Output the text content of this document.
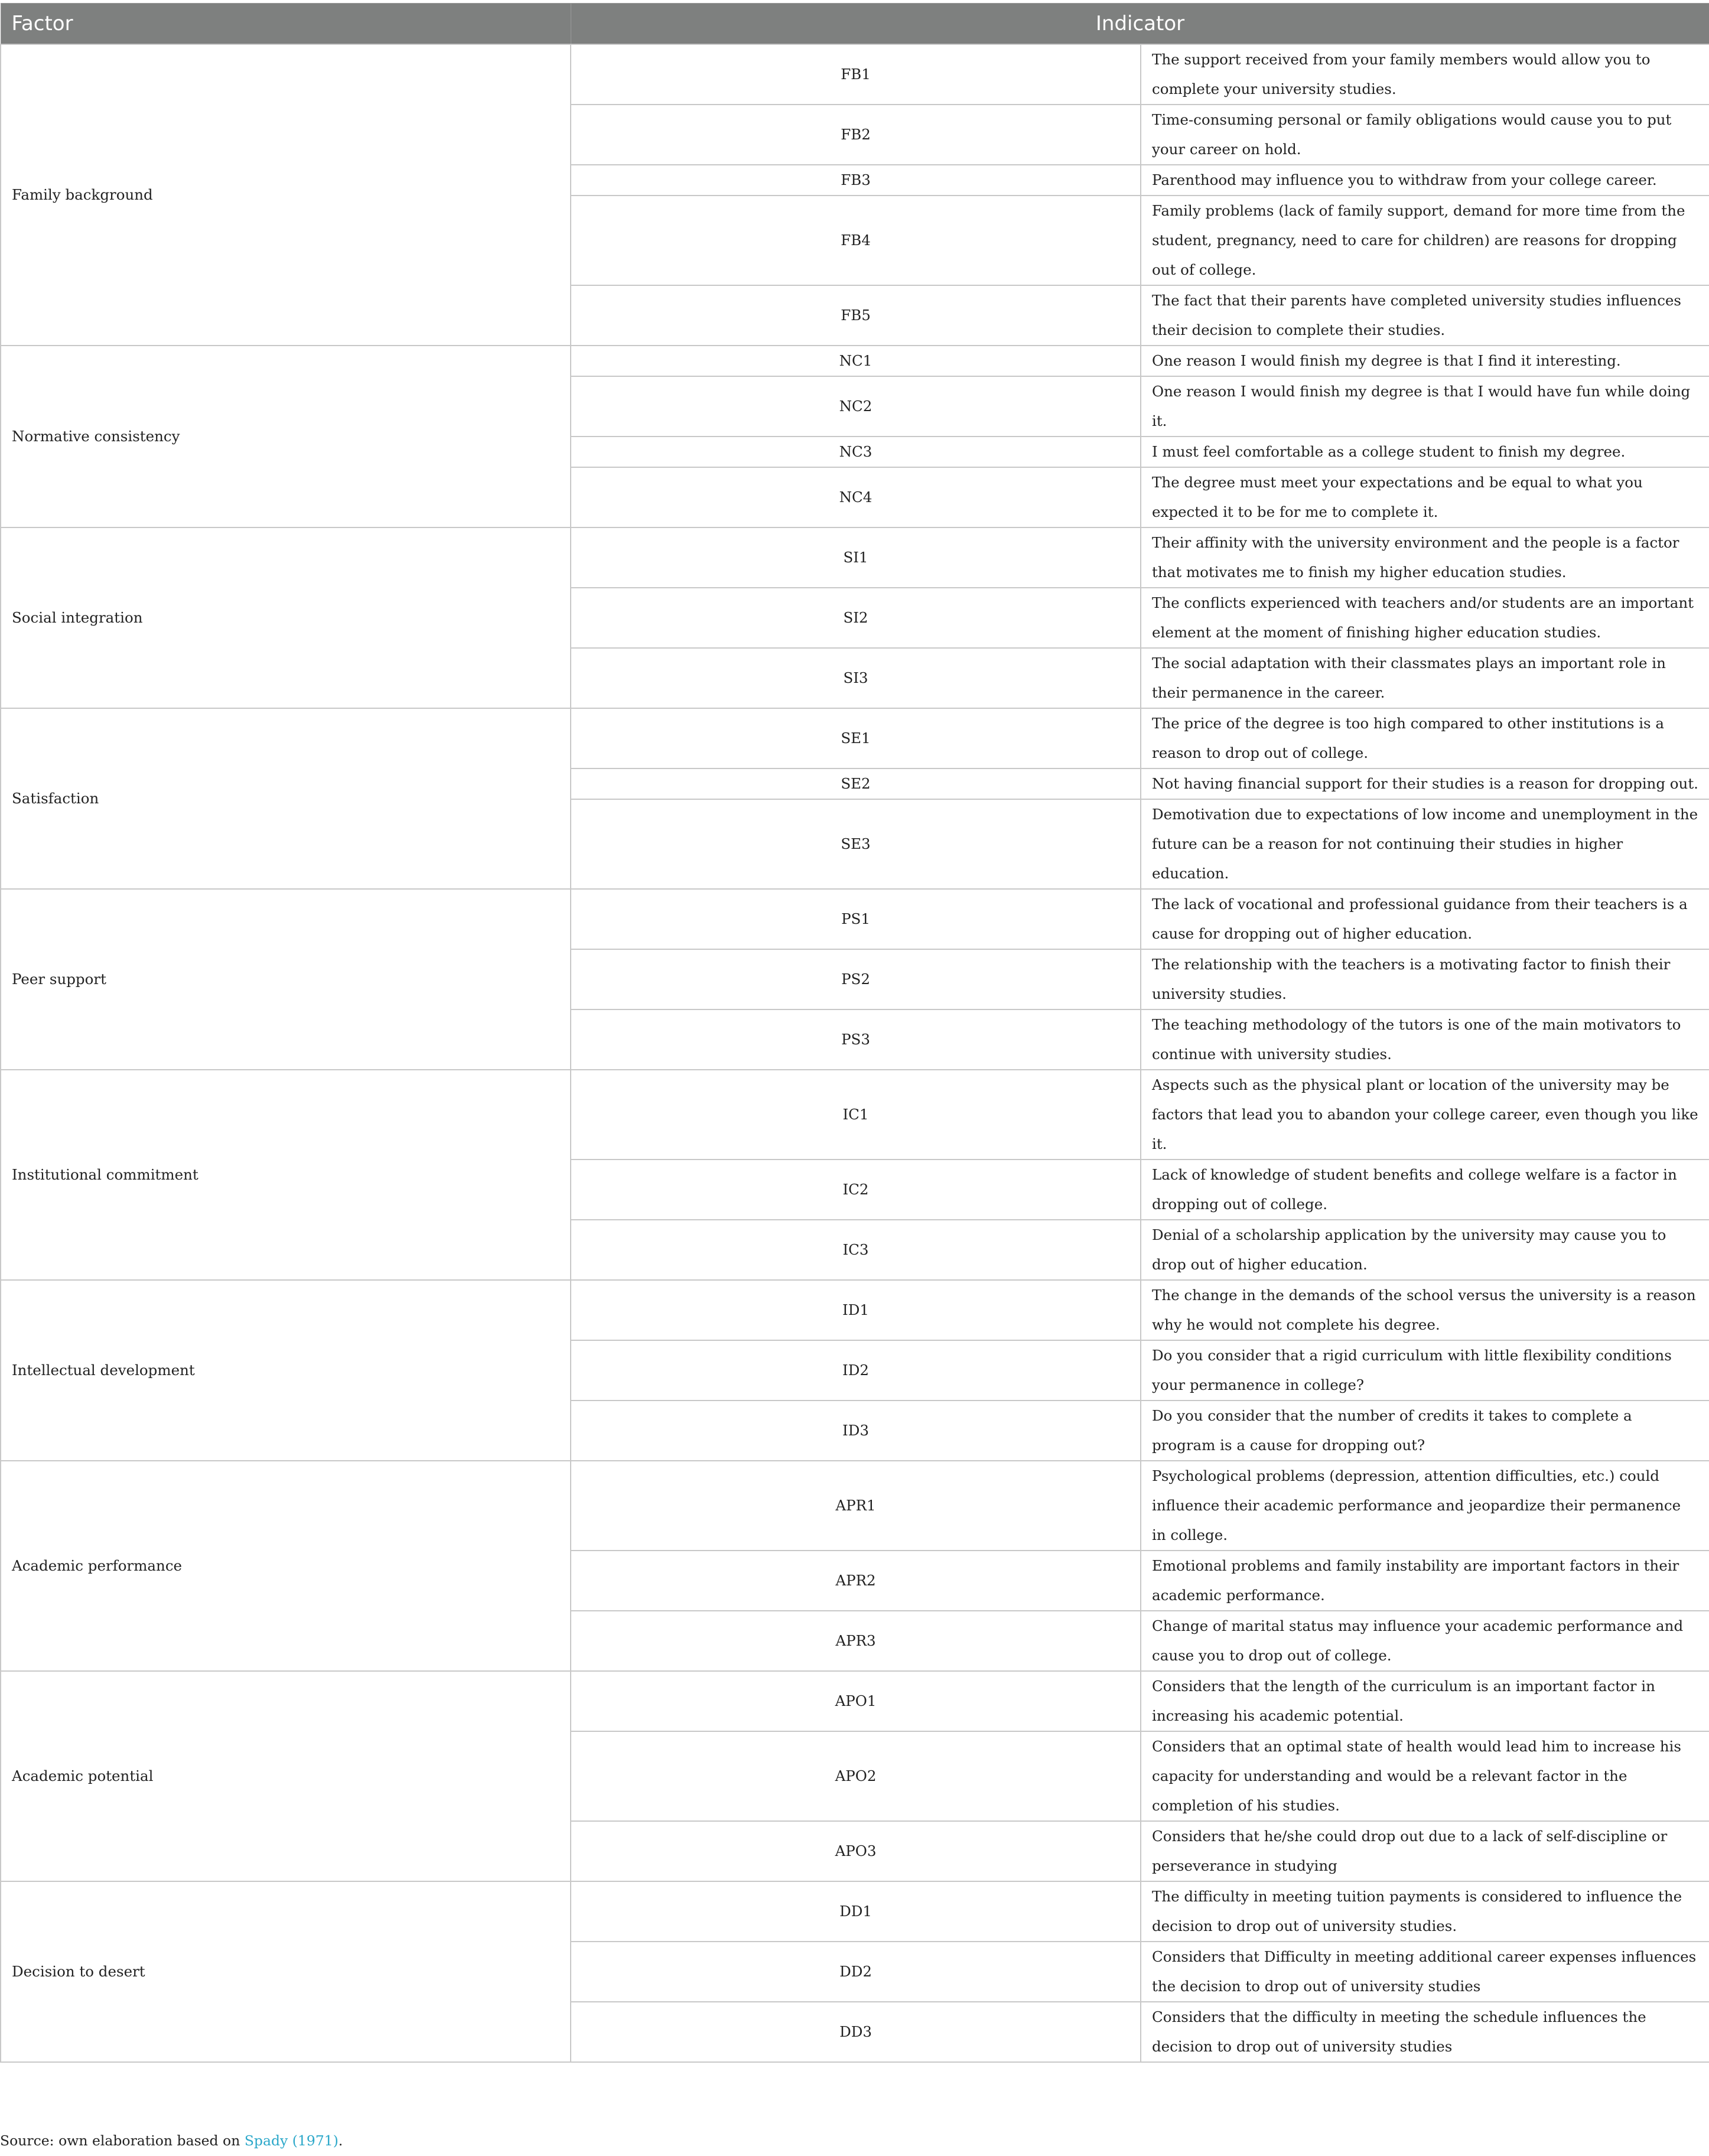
Factor	Indicator	
Family background	FB1	The support received from your family members would allow you to complete your university studies.
	FB2	Time-consuming personal or family obligations would cause you to put your career on hold.
	FB3	Parenthood may influence you to withdraw from your college career.
	FB4	Family problems (lack of family support, demand for more time from the student, pregnancy, need to care for children) are reasons for dropping out of college.
	FB5	The fact that their parents have completed university studies influences their decision to complete their studies.
Normative consistency	NC1	One reason I would finish my degree is that I find it interesting.
	NC2	One reason I would finish my degree is that I would have fun while doing it.
	NC3	I must feel comfortable as a college student to finish my degree.
	NC4	The degree must meet your expectations and be equal to what you expected it to be for me to complete it.
Social integration	SI1	Their affinity with the university environment and the people is a factor that motivates me to finish my higher education studies.
	SI2	The conflicts experienced with teachers and/or students are an important element at the moment of finishing higher education studies.
	SI3	The social adaptation with their classmates plays an important role in their permanence in the career.
Satisfaction	SE1	The price of the degree is too high compared to other institutions is a reason to drop out of college.
	SE2	Not having financial support for their studies is a reason for dropping out.
	SE3	Demotivation due to expectations of low income and unemployment in the future can be a reason for not continuing their studies in higher education.
Peer support	PS1	The lack of vocational and professional guidance from their teachers is a cause for dropping out of higher education.
	PS2	The relationship with the teachers is a motivating factor to finish their university studies.
	PS3	The teaching methodology of the tutors is one of the main motivators to continue with university studies.
Institutional commitment	IC1	Aspects such as the physical plant or location of the university may be factors that lead you to abandon your college career, even though you like it.
	IC2	Lack of knowledge of student benefits and college welfare is a factor in dropping out of college.
	IC3	Denial of a scholarship application by the university may cause you to drop out of higher education.
Intellectual development	ID1	The change in the demands of the school versus the university is a reason why he would not complete his degree.
	ID2	Do you consider that a rigid curriculum with little flexibility conditions your permanence in college?
	ID3	Do you consider that the number of credits it takes to complete a program is a cause for dropping out?
Academic performance	APR1	Psychological problems (depression, attention difficulties, etc.) could influence their academic performance and jeopardize their permanence in college.
	APR2	Emotional problems and family instability are important factors in their academic performance.
	APR3	Change of marital status may influence your academic performance and cause you to drop out of college.
Academic potential	APO1	Considers that the length of the curriculum is an important factor in increasing his academic potential.
	APO2	Considers that an optimal state of health would lead him to increase his capacity for understanding and would be a relevant factor in the completion of his studies.
	APO3	Considers that he/she could drop out due to a lack of self-discipline or perseverance in studying
Decision to desert	DD1	The difficulty in meeting tuition payments is considered to influence the decision to drop out of university studies.
	DD2	Considers that Difficulty in meeting additional career expenses influences the decision to drop out of university studies
	DD3	Considers that the difficulty in meeting the schedule influences the decision to drop out of university studies
Source: own elaboration based on Spady (1971).
